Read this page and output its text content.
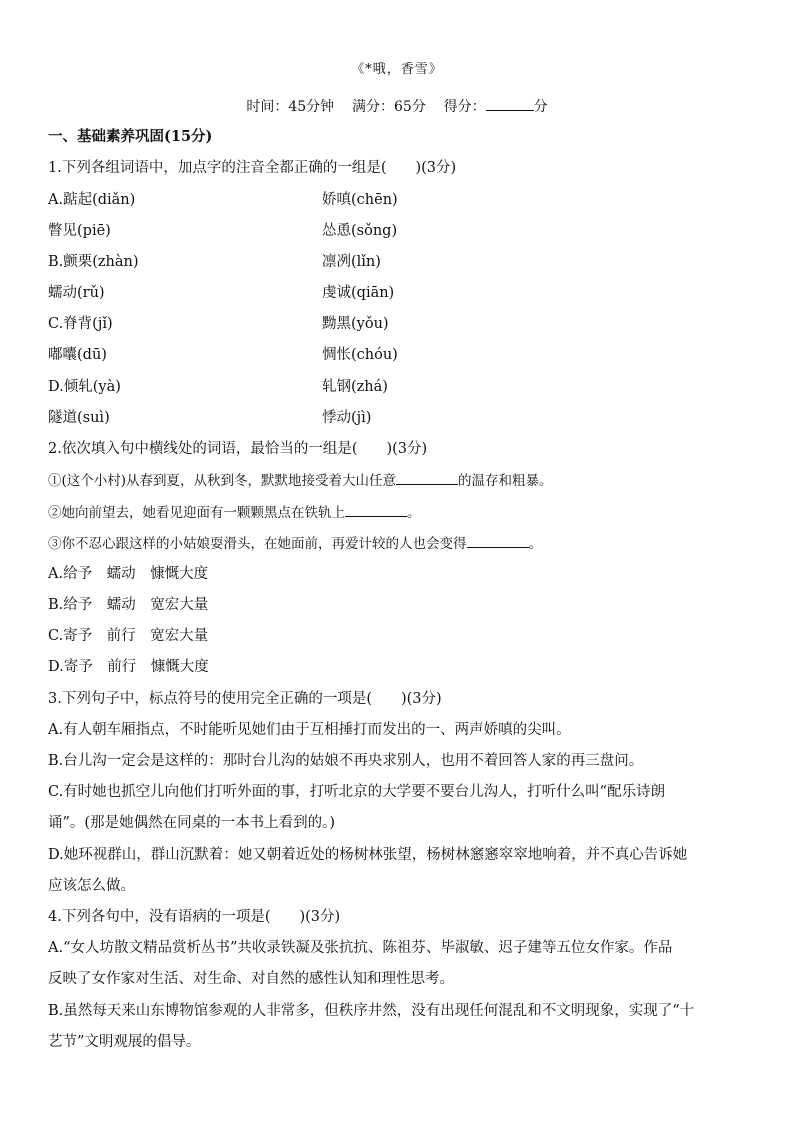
《*哦，香雪》
时间：45分钟 满分：65分 得分：	分
一、基础素养巩固(15分)
1.下列各组词语中，加点字的注音全都正确的一组是(　　)(3分)
A.踮起(diǎn)	娇嗔(chēn)
瞥见(piē)	怂恿(sǒng)
B.颤栗(zhàn)	凛冽(lǐn)
蠕动(rǔ)	虔诚(qiān)
C.脊背(jǐ)	黝黑(yǒu)
嘟囔(dū)	惆怅(chóu)
D.倾轧(yà)	轧钢(zhá)
隧道(suì)	悸动(jì)
2.依次填入句中横线处的词语，最恰当的一组是(　　)(3分)
①(这个小村)从春到夏，从秋到冬，默默地接受着大山任意	的温存和粗暴。
②她向前望去，她看见迎面有一颗颗黑点在铁轨上	。
③你不忍心跟这样的小姑娘耍滑头，在她面前，再爱计较的人也会变得	。
A.给予　蠕动　慷慨大度
B.给予　蠕动　宽宏大量
C.寄予　前行　宽宏大量
D.寄予　前行　慷慨大度
3.下列句子中，标点符号的使用完全正确的一项是(　　)(3分)
A.有人朝车厢指点，不时能听见她们由于互相捶打而发出的一、两声娇嗔的尖叫。
B.台儿沟一定会是这样的：那时台儿沟的姑娘不再央求别人，也用不着回答人家的再三盘问。
C.有时她也抓空儿向他们打听外面的事，打听北京的大学要不要台儿沟人，打听什么叫“配乐诗朗
诵”。(那是她偶然在同桌的一本书上看到的。)
D.她环视群山，群山沉默着：她又朝着近处的杨树林张望，杨树林窸窸窣窣地响着，并不真心告诉她
应该怎么做。
4.下列各句中，没有语病的一项是(　　)(3分)
A.“女人坊散文精品赏析丛书”共收录铁凝及张抗抗、陈祖芬、毕淑敏、迟子建等五位女作家。作品
反映了女作家对生活、对生命、对自然的感性认知和理性思考。
B.虽然每天来山东博物馆参观的人非常多，但秩序井然，没有出现任何混乱和不文明现象，实现了“十
艺节”文明观展的倡导。
